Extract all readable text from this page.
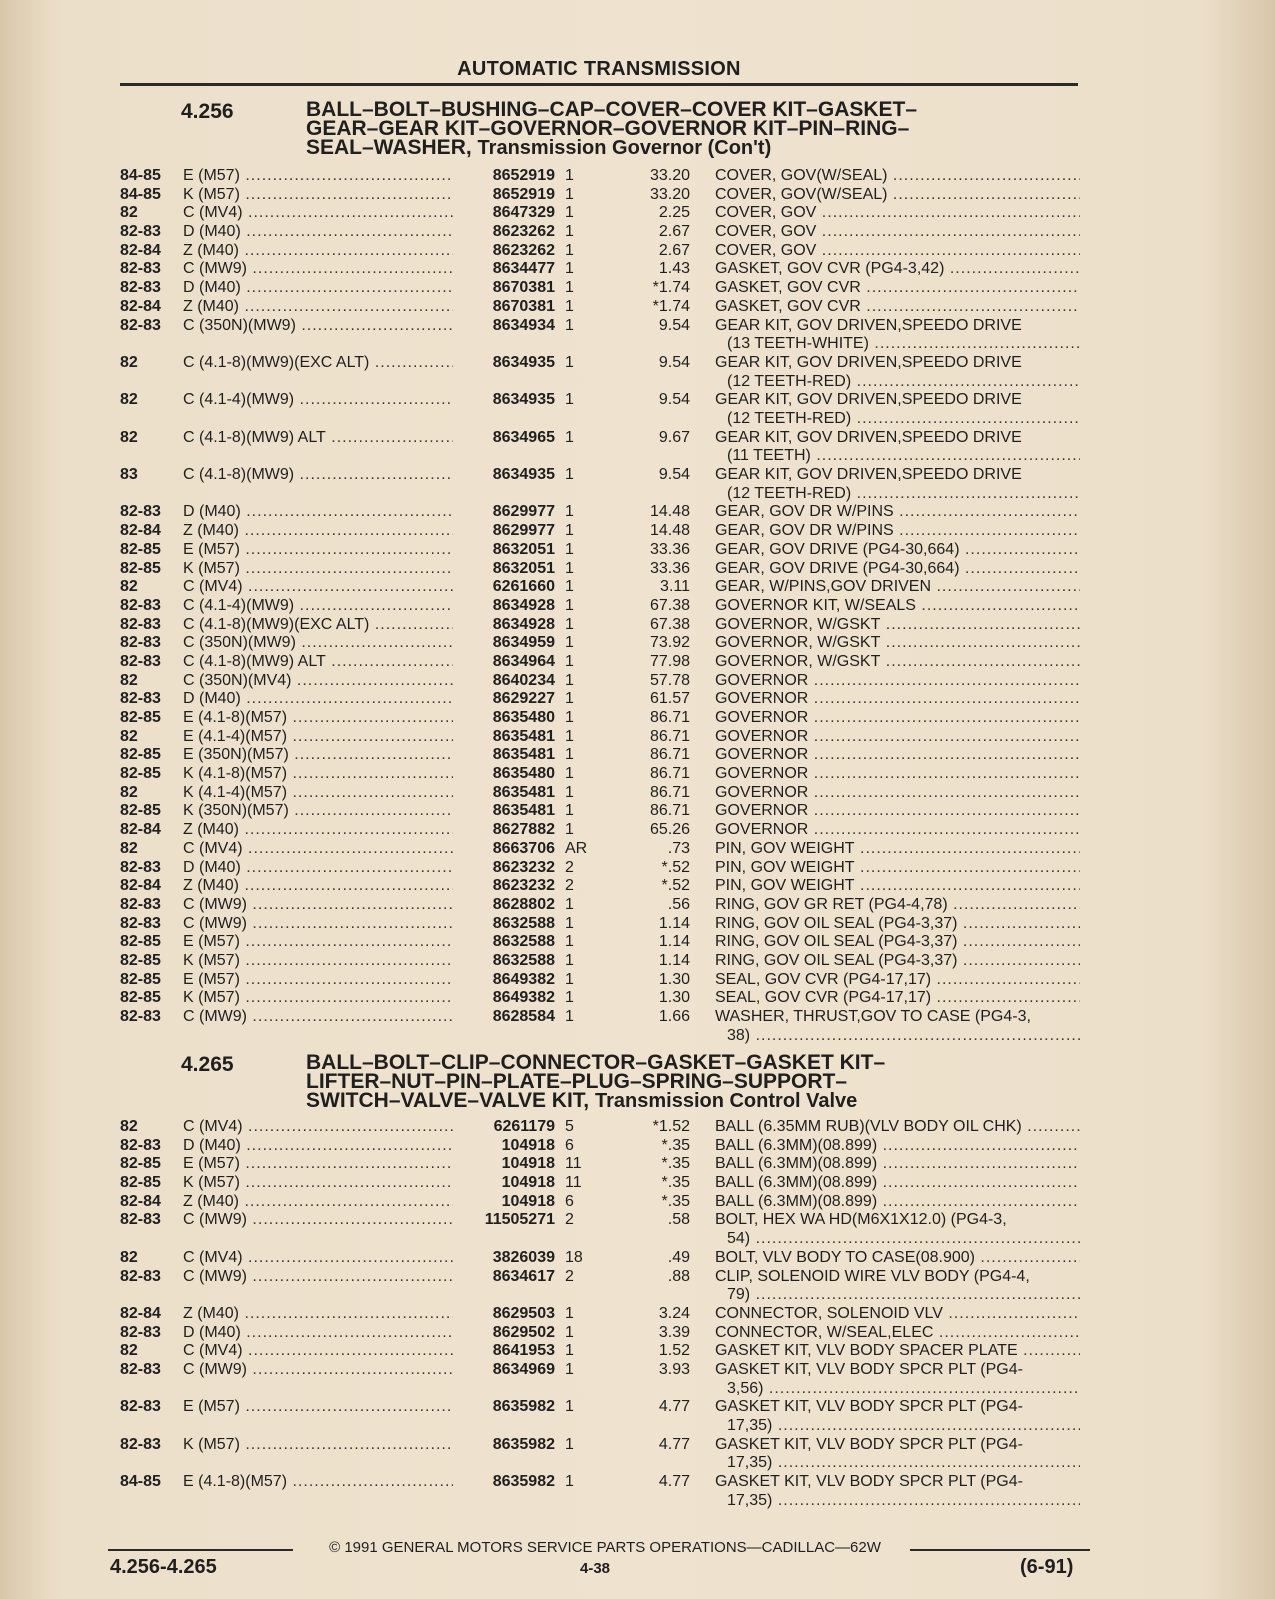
AUTOMATIC TRANSMISSION
4.256	BALL–BOLT–BUSHING–CAP–COVER–COVER KIT–GASKET–
GEAR–GEAR KIT–GOVERNOR–GOVERNOR KIT–PIN–RING–
SEAL–WASHER, Transmission Governor (Con't)
84-85	E (M57) .....	8652919 1	33.20 COVER, GOV(W/SEAL) .....
84-85	K (M57) .....	8652919 1	33.20 COVER, GOV(W/SEAL) .....
82	C (MV4) .....	8647329 1	2.25 COVER, GOV .....
82-83	D (M40) .....	8623262 1	2.67 COVER, GOV .....
82-84	Z (M40) .....	8623262 1	2.67 COVER, GOV .....
82-83	C (MW9) .....	8634477 1	1.43 GASKET, GOV CVR (PG4-3,42) .....
82-83	D (M40) .....	8670381 1	*1.74 GASKET, GOV CVR .....
82-84	Z (M40) .....	8670381 1	*1.74 GASKET, GOV CVR .....
82-83	C (350N)(MW9) .....	8634934 1	9.54 GEAR KIT, GOV DRIVEN,SPEEDO DRIVE
(13 TEETH-WHITE) .....
82	C (4.1-8)(MW9)(EXC ALT) .....	8634935 1	9.54 GEAR KIT, GOV DRIVEN,SPEEDO DRIVE
(12 TEETH-RED) .....
82	C (4.1-4)(MW9) .....	8634935 1	9.54 GEAR KIT, GOV DRIVEN,SPEEDO DRIVE
(12 TEETH-RED) .....
82	C (4.1-8)(MW9) ALT .....	8634965 1	9.67 GEAR KIT, GOV DRIVEN,SPEEDO DRIVE
(11 TEETH) .....
83	C (4.1-8)(MW9) .....	8634935 1	9.54 GEAR KIT, GOV DRIVEN,SPEEDO DRIVE
(12 TEETH-RED) .....
82-83	D (M40) .....	8629977 1	14.48 GEAR, GOV DR W/PINS .....
82-84	Z (M40) .....	8629977 1	14.48 GEAR, GOV DR W/PINS .....
82-85	E (M57) .....	8632051 1	33.36 GEAR, GOV DRIVE (PG4-30,664) .....
82-85	K (M57) .....	8632051 1	33.36 GEAR, GOV DRIVE (PG4-30,664) .....
82	C (MV4) .....	6261660 1	3.11 GEAR, W/PINS,GOV DRIVEN .....
82-83	C (4.1-4)(MW9) .....	8634928 1	67.38 GOVERNOR KIT, W/SEALS .....
82-83	C (4.1-8)(MW9)(EXC ALT) .....	8634928 1	67.38 GOVERNOR, W/GSKT .....
82-83	C (350N)(MW9) .....	8634959 1	73.92 GOVERNOR, W/GSKT .....
82-83	C (4.1-8)(MW9) ALT .....	8634964 1	77.98 GOVERNOR, W/GSKT .....
82	C (350N)(MV4) .....	8640234 1	57.78 GOVERNOR .....
82-83	D (M40) .....	8629227 1	61.57 GOVERNOR .....
82-85	E (4.1-8)(M57) .....	8635480 1	86.71 GOVERNOR .....
82	E (4.1-4)(M57) .....	8635481 1	86.71 GOVERNOR .....
82-85	E (350N)(M57) .....	8635481 1	86.71 GOVERNOR .....
82-85	K (4.1-8)(M57) .....	8635480 1	86.71 GOVERNOR .....
82	K (4.1-4)(M57) .....	8635481 1	86.71 GOVERNOR .....
82-85	K (350N)(M57) .....	8635481 1	86.71 GOVERNOR .....
82-84	Z (M40) .....	8627882 1	65.26 GOVERNOR .....
82	C (MV4) .....	8663706 AR	.73 PIN, GOV WEIGHT .....
82-83	D (M40) .....	8623232 2	*.52 PIN, GOV WEIGHT .....
82-84	Z (M40) .....	8623232 2	*.52 PIN, GOV WEIGHT .....
82-83	C (MW9) .....	8628802 1	.56 RING, GOV GR RET (PG4-4,78) .....
82-83	C (MW9) .....	8632588 1	1.14 RING, GOV OIL SEAL (PG4-3,37) .....
82-85	E (M57) .....	8632588 1	1.14 RING, GOV OIL SEAL (PG4-3,37) .....
82-85	K (M57) .....	8632588 1	1.14 RING, GOV OIL SEAL (PG4-3,37) .....
82-85	E (M57) .....	8649382 1	1.30 SEAL, GOV CVR (PG4-17,17) .....
82-85	K (M57) .....	8649382 1	1.30 SEAL, GOV CVR (PG4-17,17) .....
82-83	C (MW9) .....	8628584 1	1.66 WASHER, THRUST,GOV TO CASE (PG4-3,
38) .....
4.265	BALL–BOLT–CLIP–CONNECTOR–GASKET–GASKET KIT–
LIFTER–NUT–PIN–PLATE–PLUG–SPRING–SUPPORT–
SWITCH–VALVE–VALVE KIT, Transmission Control Valve
82	C (MV4) .....	6261179 5	*1.52 BALL (6.35MM RUB)(VLV BODY OIL CHK) .....
82-83	D (M40) .....	104918 6	*.35 BALL (6.3MM)(08.899) .....
82-85	E (M57) .....	104918 11	*.35 BALL (6.3MM)(08.899) .....
82-85	K (M57) .....	104918 11	*.35 BALL (6.3MM)(08.899) .....
82-84	Z (M40) .....	104918 6	*.35 BALL (6.3MM)(08.899) .....
82-83	C (MW9) .....	11505271 2	.58 BOLT, HEX WA HD(M6X1X12.0) (PG4-3,
54) .....
82	C (MV4) .....	3826039 18	.49 BOLT, VLV BODY TO CASE(08.900) .....
82-83	C (MW9) .....	8634617 2	.88 CLIP, SOLENOID WIRE VLV BODY (PG4-4,
79) .....
82-84	Z (M40) .....	8629503 1	3.24 CONNECTOR, SOLENOID VLV .....
82-83	D (M40) .....	8629502 1	3.39 CONNECTOR, W/SEAL,ELEC .....
82	C (MV4) .....	8641953 1	1.52 GASKET KIT, VLV BODY SPACER PLATE .....
82-83	C (MW9) .....	8634969 1	3.93 GASKET KIT, VLV BODY SPCR PLT (PG4-
3,56) .....
82-83	E (M57) .....	8635982 1	4.77 GASKET KIT, VLV BODY SPCR PLT (PG4-
17,35) .....
82-83	K (M57) .....	8635982 1	4.77 GASKET KIT, VLV BODY SPCR PLT (PG4-
17,35) .....
84-85	E (4.1-8)(M57) .....	8635982 1	4.77 GASKET KIT, VLV BODY SPCR PLT (PG4-
17,35) .....
© 1991 GENERAL MOTORS SERVICE PARTS OPERATIONS—CADILLAC—62W
4.256-4.265	4-38	(6-91)
